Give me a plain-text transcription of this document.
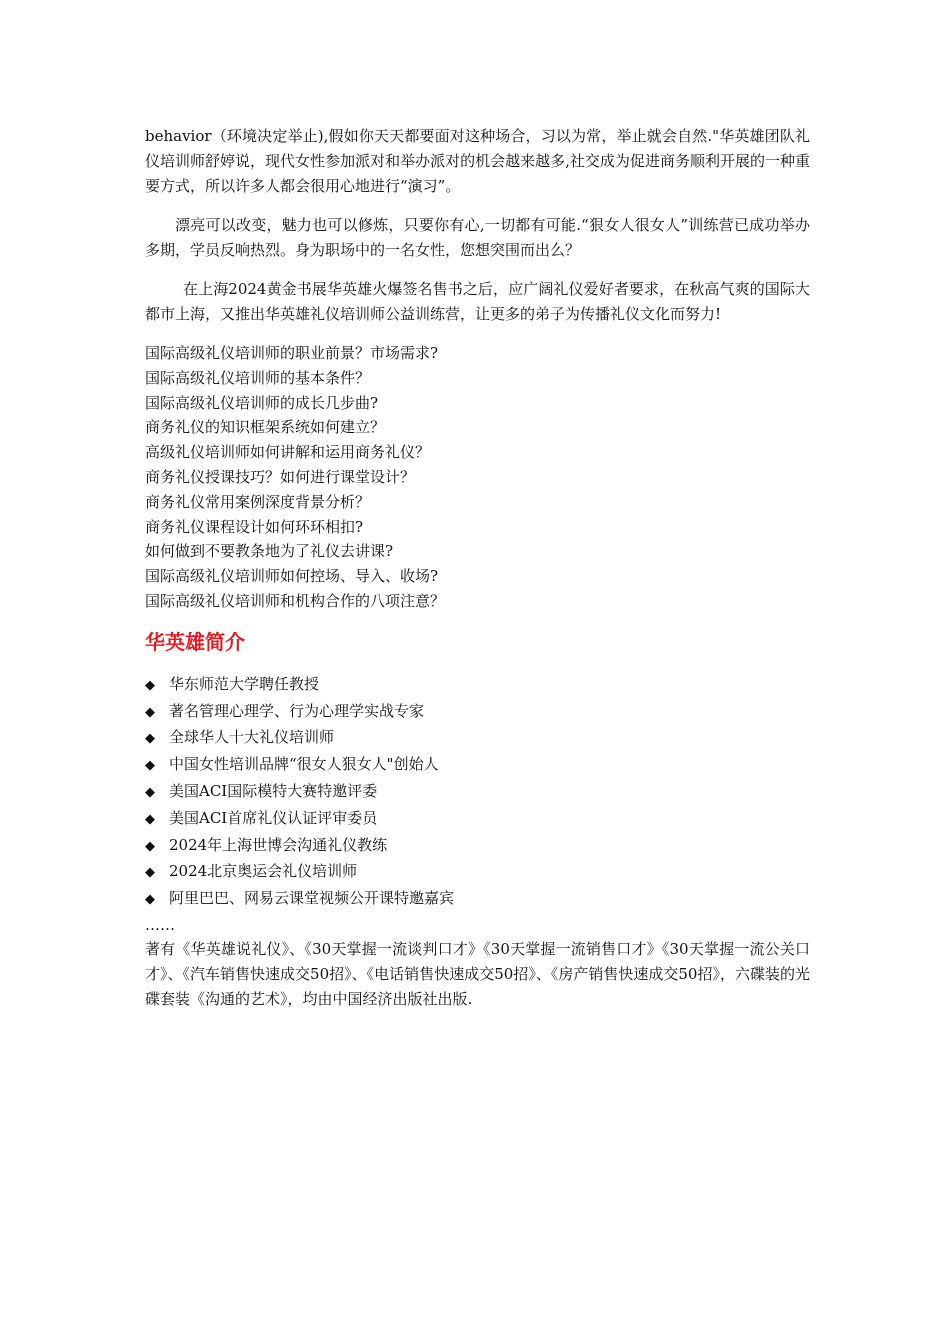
behavior（环境决定举止),假如你天天都要面对这种场合，习以为常，举止就会自然."华英雄团队礼仪培训师舒婷说，现代女性参加派对和举办派对的机会越来越多,社交成为促进商务顺利开展的一种重要方式，所以许多人都会很用心地进行“演习”。

漂亮可以改变，魅力也可以修炼，只要你有心,一切都有可能.“狠女人很女人”训练营已成功举办多期，学员反响热烈。身为职场中的一名女性，您想突围而出么？

在上海2024黄金书展华英雄火爆签名售书之后，应广阔礼仪爱好者要求，在秋高气爽的国际大都市上海，又推出华英雄礼仪培训师公益训练营，让更多的弟子为传播礼仪文化而努力!

国际高级礼仪培训师的职业前景？市场需求?
国际高级礼仪培训师的基本条件？
国际高级礼仪培训师的成长几步曲?
商务礼仪的知识框架系统如何建立？
高级礼仪培训师如何讲解和运用商务礼仪？
商务礼仪授课技巧？如何进行课堂设计？
商务礼仪常用案例深度背景分析？
商务礼仪课程设计如何环环相扣?
如何做到不要教条地为了礼仪去讲课?
国际高级礼仪培训师如何控场、导入、收场?
国际高级礼仪培训师和机构合作的八项注意？
华英雄简介
◆ 华东师范大学聘任教授
◆ 著名管理心理学、行为心理学实战专家
◆ 全球华人十大礼仪培训师
◆ 中国女性培训品牌“很女人狠女人"创始人
◆ 美国ACI国际模特大赛特邀评委
◆ 美国ACI首席礼仪认证评审委员
◆ 2024年上海世博会沟通礼仪教练
◆ 2024北京奥运会礼仪培训师
◆ 阿里巴巴、网易云课堂视频公开课特邀嘉宾

……

著有《华英雄说礼仪》、《30天掌握一流谈判口才》《30天掌握一流销售口才》《30天掌握一流公关口才》、《汽车销售快速成交50招》、《电话销售快速成交50招》、《房产销售快速成交50招》，六碟装的光碟套装《沟通的艺术》，均由中国经济出版社出版.
